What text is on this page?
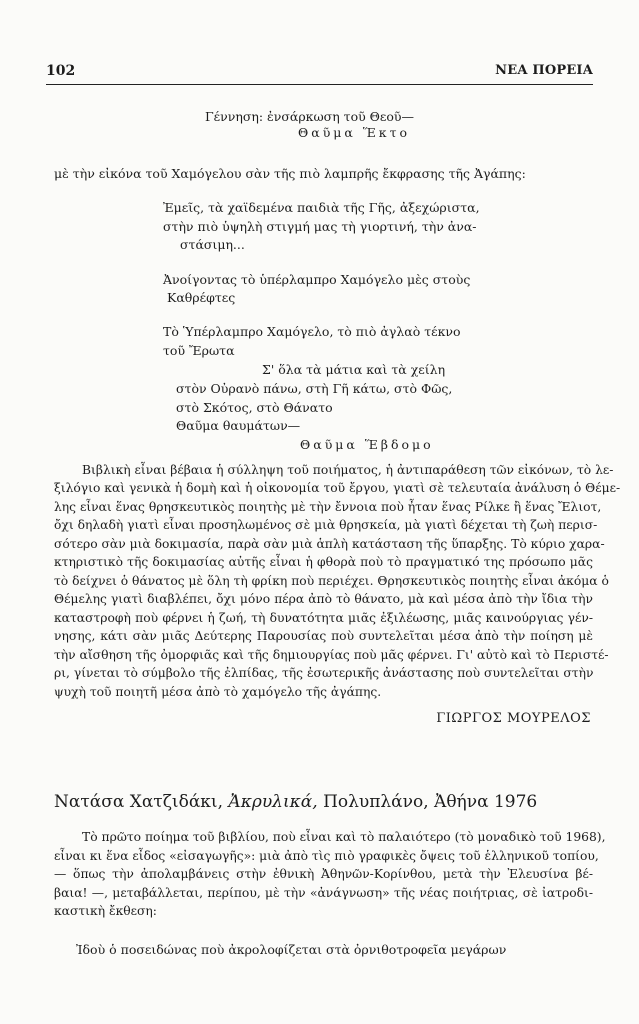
102	ΝΕΑ ΠΟΡΕΙΑ
Γέννηση: ἐνσάρκωση τοῦ Θεοῦ—
Θαῦμα Ἕκτο
μὲ τὴν εἰκόνα τοῦ Χαμόγελου σὰν τῆς πιὸ λαμπρῆς ἔκφρασης τῆς Ἀγάπης:
Ἐμεῖς, τὰ χαϊδεμένα παιδιὰ τῆς Γῆς, ἀξεχώριστα,
στὴν πιὸ ὑψηλὴ στιγμή μας τὴ γιορτινή, τὴν ἀνα-
στάσιμη...
Ἀνοίγοντας τὸ ὑπέρλαμπρο Χαμόγελο μὲς στοὺς
Καθρέφτες
Τὸ Ὑπέρλαμπρο Χαμόγελο, τὸ πιὸ ἀγλαὸ τέκνο
τοῦ Ἔρωτα
Σ' ὅλα τὰ μάτια καὶ τὰ χείλη
στὸν Οὐρανὸ πάνω, στὴ Γῆ κάτω, στὸ Φῶς,
στὸ Σκότος, στὸ Θάνατο
Θαῦμα θαυμάτων—
Θαῦμα Ἕβδομο
Βιβλικὴ εἶναι βέβαια ἡ σύλληψη τοῦ ποιήματος, ἡ ἀντιπαράθεση τῶν εἰκόνων, τὸ λε-
ξιλόγιο καὶ γενικὰ ἡ δομὴ καὶ ἡ οἰκονομία τοῦ ἔργου, γιατὶ σὲ τελευταία ἀνάλυση ὁ Θέμε-
λης εἶναι ἕνας θρησκευτικὸς ποιητὴς μὲ τὴν ἔννοια ποὺ ἦταν ἕνας Ρίλκε ἢ ἕνας Ἔλιοτ,
ὄχι δηλαδὴ γιατὶ εἶναι προσηλωμένος σὲ μιὰ θρησκεία, μὰ γιατὶ δέχεται τὴ ζωὴ περισ-
σότερο σὰν μιὰ δοκιμασία, παρὰ σὰν μιὰ ἁπλὴ κατάσταση τῆς ὕπαρξης. Τὸ κύριο χαρα-
κτηριστικὸ τῆς δοκιμασίας αὐτῆς εἶναι ἡ φθορὰ ποὺ τὸ πραγματικό της πρόσωπο μᾶς
τὸ δείχνει ὁ θάνατος μὲ ὅλη τὴ φρίκη ποὺ περιέχει. Θρησκευτικὸς ποιητὴς εἶναι ἀκόμα ὁ
Θέμελης γιατὶ διαβλέπει, ὄχι μόνο πέρα ἀπὸ τὸ θάνατο, μὰ καὶ μέσα ἀπὸ τὴν ἴδια τὴν
καταστροφὴ ποὺ φέρνει ἡ ζωή, τὴ δυνατότητα μιᾶς ἐξιλέωσης, μιᾶς καινούργιας γέν-
νησης, κάτι σὰν μιᾶς Δεύτερης Παρουσίας ποὺ συντελεῖται μέσα ἀπὸ τὴν ποίηση μὲ
τὴν αἴσθηση τῆς ὀμορφιᾶς καὶ τῆς δημιουργίας ποὺ μᾶς φέρνει. Γι' αὐτὸ καὶ τὸ Περιστέ-
ρι, γίνεται τὸ σύμβολο τῆς ἐλπίδας, τῆς ἐσωτερικῆς ἀνάστασης ποὺ συντελεῖται στὴν
ψυχὴ τοῦ ποιητῆ μέσα ἀπὸ τὸ χαμόγελο τῆς ἀγάπης.
ΓΙΩΡΓΟΣ ΜΟΥΡΕΛΟΣ
Νατάσα Χατζιδάκι, Ἀκρυλικά, Πολυπλάνο, Ἀθήνα 1976
Τὸ πρῶτο ποίημα τοῦ βιβλίου, ποὺ εἶναι καὶ τὸ παλαιότερο (τὸ μοναδικὸ τοῦ 1968),
εἶναι κι ἕνα εἶδος «εἰσαγωγῆς»: μιὰ ἀπὸ τὶς πιὸ γραφικὲς ὄψεις τοῦ ἑλληνικοῦ τοπίου,
— ὅπως τὴν ἀπολαμβάνεις στὴν ἐθνικὴ Ἀθηνῶν-Κορίνθου, μετὰ τὴν Ἐλευσίνα βέ-
βαια! —, μεταβάλλεται, περίπου, μὲ τὴν «ἀνάγνωση» τῆς νέας ποιήτριας, σὲ ἰατροδι-
καστικὴ ἔκθεση:
Ἰδοὺ ὁ ποσειδώνας ποὺ ἀκρολοφίζεται στὰ ὀρνιθοτροφεῖα μεγάρων
